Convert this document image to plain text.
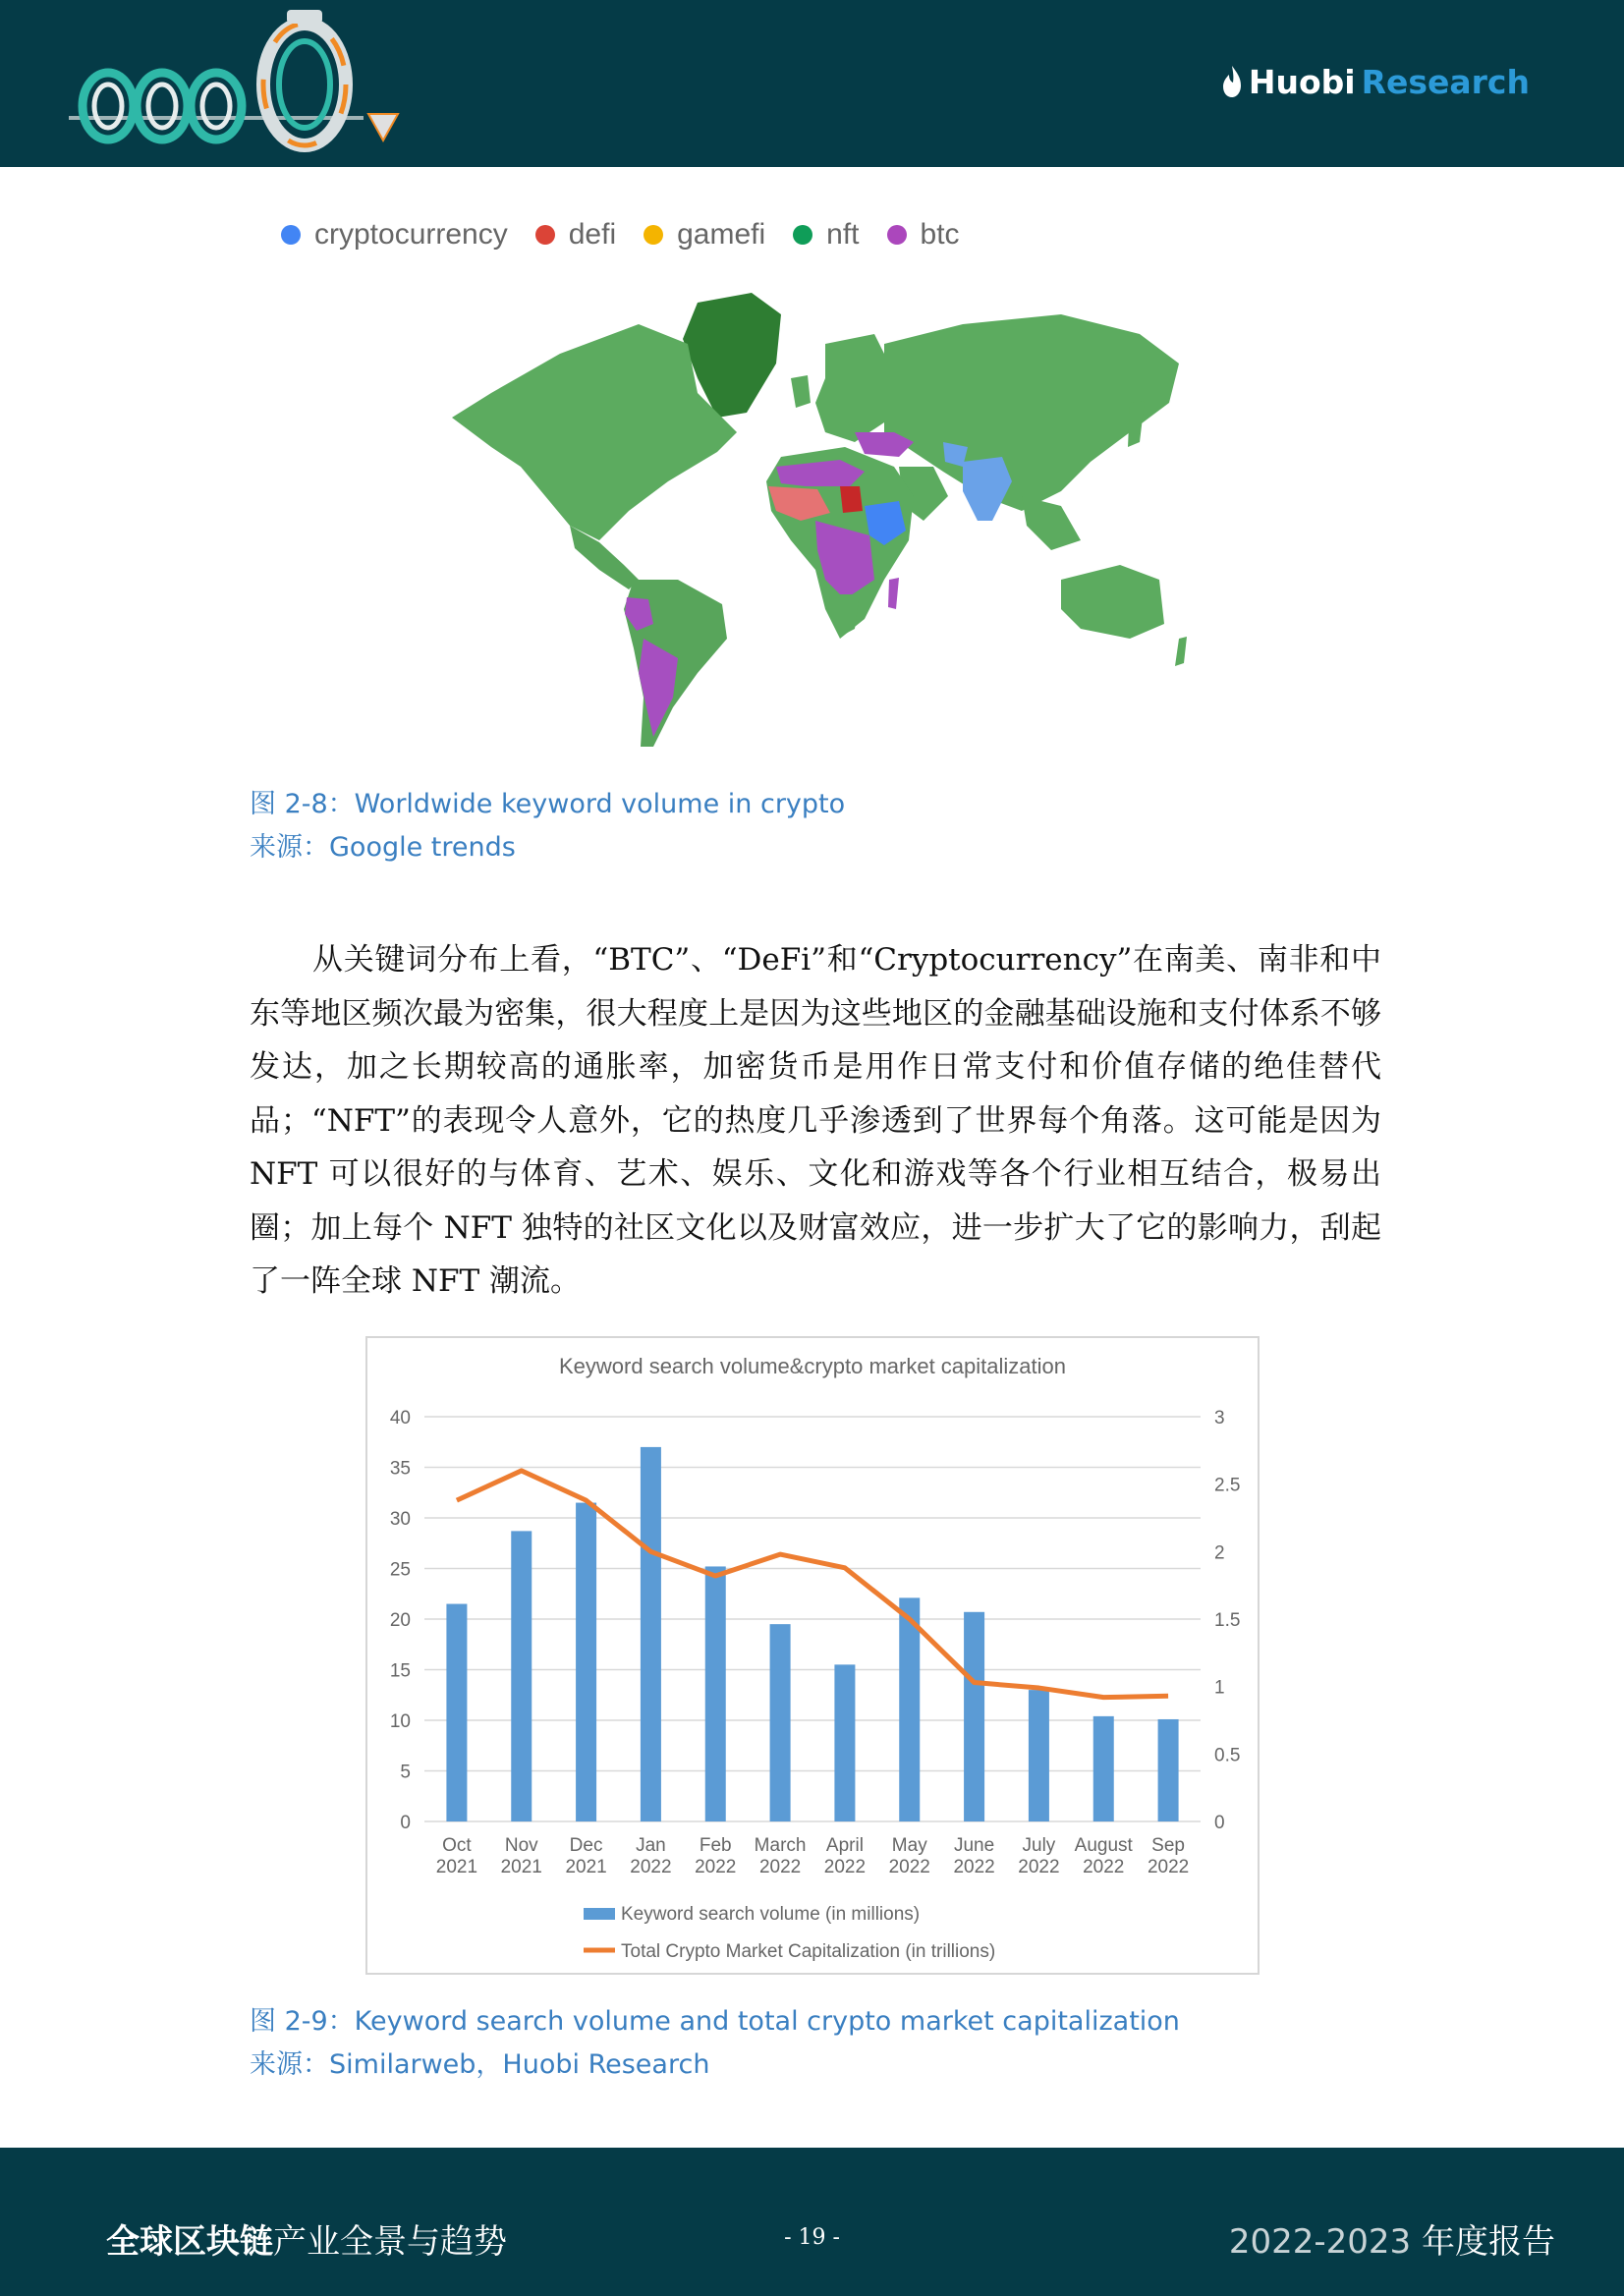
Huobi Research
cryptocurrency defi gamefi nft btc
图 2-8：Worldwide keyword volume in crypto
来源：Google trends
从关键词分布上看，“BTC”、“DeFi”和“Cryptocurrency”在南美、南非和中东等地区频次最为密集，很大程度上是因为这些地区的金融基础设施和支付体系不够发达，加之长期较高的通胀率，加密货币是用作日常支付和价值存储的绝佳替代品；“NFT”的表现令人意外，它的热度几乎渗透到了世界每个角落。这可能是因为 NFT 可以很好的与体育、艺术、娱乐、文化和游戏等各个行业相互结合，极易出圈；加上每个 NFT 独特的社区文化以及财富效应，进一步扩大了它的影响力，刮起了一阵全球 NFT 潮流。
Keyword search volume&crypto market capitalization
0
5
10
15
20
25
30
35
40
0
0.5
1
1.5
2
2.5
3
Oct
2021
Nov
2021
Dec
2021
Jan
2022
Feb
2022
March
2022
April
2022
May
2022
June
2022
July
2022
August
2022
Sep
2022
Keyword search volume (in millions)
Total Crypto Market Capitalization (in trillions)
图 2-9：Keyword search volume and total crypto market capitalization
来源：Similarweb，Huobi Research
全球区块链产业全景与趋势	- 19 -	2022-2023 年度报告
